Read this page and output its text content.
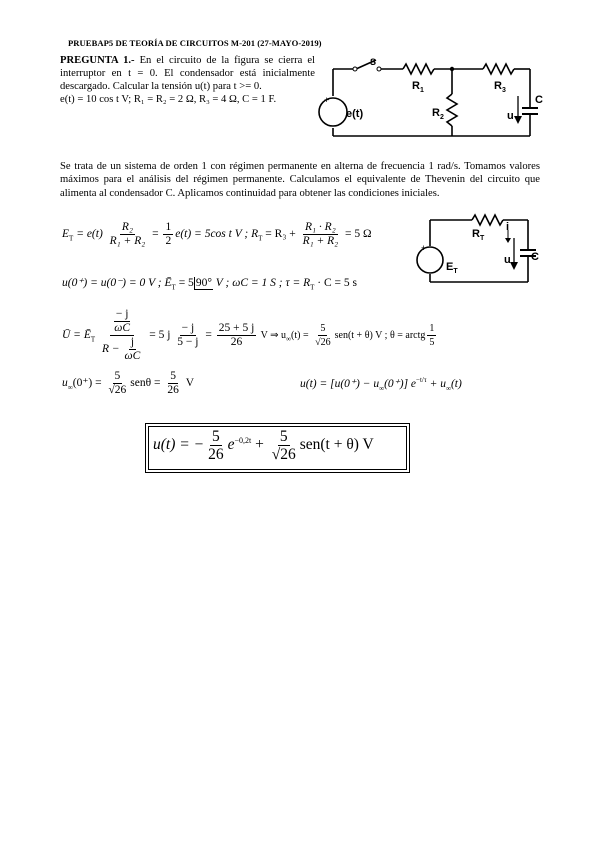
PRUEBAP5 DE TEORÍA DE CIRCUITOS M-201 (27-MAYO-2019)
PREGUNTA 1.- En el circuito de la figura se cierra el interruptor en t = 0. El condensador está inicialmente descargado. Calcular la tensión u(t) para t >= 0.
e(t) = 10 cos t V; R₁ = R₂ = 2 Ω, R₃ = 4 Ω, C = 1 F.
S
$R_1$	$R_3$
$R_2$
C
u
e(t)
+
Se trata de un sistema de orden 1 con régimen permanente en alterna de frecuencia 1 rad/s. Tomamos valores máximos para el análisis del régimen permanente. Calculamos el equivalente de Thevenin del circuito que alimenta al condensador C. Aplicamos continuidad para obtener las condiciones iniciales.
$R_T$
i
C
u
$E_T$
+
$E_T = e(t) \frac{\text{R₂}}{\text{R₁ + R₂}} = \frac{1}{2} e(t) = 5\cos$ t V ; $R_T = R_3 + \frac{\text{R₁ · R₂}}{\text{R₁ + R₂}} = 5$ Ω
u(0⁺) = u(0⁻) = 0 V ; $Ē_T = 5$ 90° V ; ωC = 1 S ; $\tau = R_T \cdot C = 5$ s
Ū = $Ē_T \frac{\frac{- j}{\omega C}}{R - \frac{j}{\omega C}} = 5$ j $\frac{- j}{5 - j} = \frac{25 + 5 j}{26}$ V ⇒ $u_\infty(t) = \frac{5}{√26} sen(t + \theta)$ V ; θ = arctg $\frac{1}{5}$
$u_\infty(0^+) = \frac{5}{√26}$ $sen\theta = \frac{5}{26}$ V	$u(t) = [u(0^+) - u_\infty(0^+)]$ $e^{-t/\tau} + u_\infty(t)$
u(t) = − $\frac{5}{26} e^{-0,2t} + \frac{5}{√26} sen(t + \theta)$ V
